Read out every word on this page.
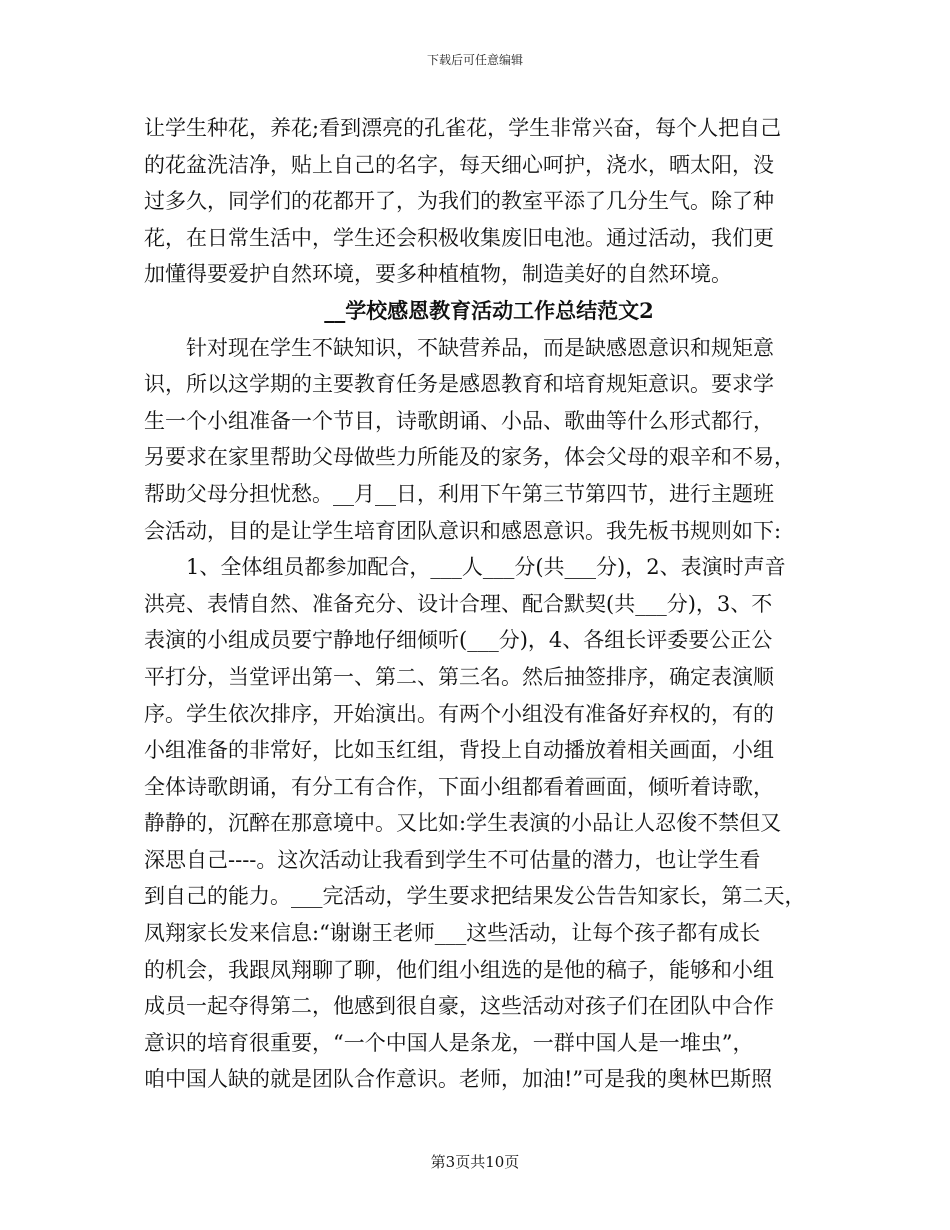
下载后可任意编辑
让学生种花，养花;看到漂亮的孔雀花，学生非常兴奋，每个人把自己
的花盆洗洁净，贴上自己的名字，每天细心呵护，浇水，晒太阳，没
过多久，同学们的花都开了，为我们的教室平添了几分生气。除了种
花，在日常生活中，学生还会积极收集废旧电池。通过活动，我们更
加懂得要爱护自然环境，要多种植植物，制造美好的自然环境。
__学校感恩教育活动工作总结范文2
　　针对现在学生不缺知识，不缺营养品，而是缺感恩意识和规矩意
识，所以这学期的主要教育任务是感恩教育和培育规矩意识。要求学
生一个小组准备一个节目，诗歌朗诵、小品、歌曲等什么形式都行，
另要求在家里帮助父母做些力所能及的家务，体会父母的艰辛和不易，
帮助父母分担忧愁。__月__日，利用下午第三节第四节，进行主题班
会活动，目的是让学生培育团队意识和感恩意识。我先板书规则如下:
　　1、全体组员都参加配合，___人___分(共___分)，2、表演时声音
洪亮、表情自然、准备充分、设计合理、配合默契(共___分)，3、不
表演的小组成员要宁静地仔细倾听(___分)，4、各组长评委要公正公
平打分，当堂评出第一、第二、第三名。然后抽签排序，确定表演顺
序。学生依次排序，开始演出。有两个小组没有准备好弃权的，有的
小组准备的非常好，比如玉红组，背投上自动播放着相关画面，小组
全体诗歌朗诵，有分工有合作，下面小组都看着画面，倾听着诗歌，
静静的，沉醉在那意境中。又比如:学生表演的小品让人忍俊不禁但又
深思自己----。这次活动让我看到学生不可估量的潜力，也让学生看
到自己的能力。___完活动，学生要求把结果发公告告知家长，第二天，
凤翔家长发来信息:“谢谢王老师___这些活动，让每个孩子都有成长
的机会，我跟凤翔聊了聊，他们组小组选的是他的稿子，能够和小组
成员一起夺得第二，他感到很自豪，这些活动对孩子们在团队中合作
意识的培育很重要，“一个中国人是条龙，一群中国人是一堆虫”，
咱中国人缺的就是团队合作意识。老师，加油!”可是我的奥林巴斯照
第3页共10页
